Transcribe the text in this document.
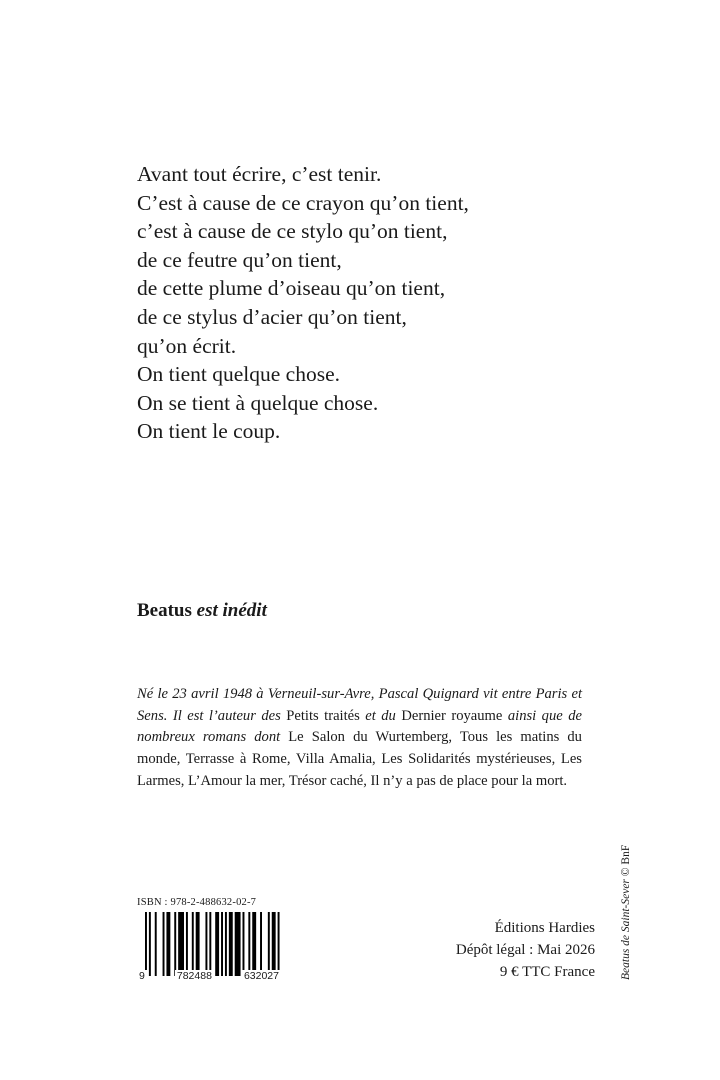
Avant tout écrire, c’est tenir.
C’est à cause de ce crayon qu’on tient,
c’est à cause de ce stylo qu’on tient,
de ce feutre qu’on tient,
de cette plume d’oiseau qu’on tient,
de ce stylus d’acier qu’on tient,
qu’on écrit.
On tient quelque chose.
On se tient à quelque chose.
On tient le coup.
Beatus est inédit
Né le 23 avril 1948 à Verneuil-sur-Avre, Pascal Quignard vit entre Paris et Sens. Il est l’auteur des Petits traités et du Dernier royaume ainsi que de nombreux romans dont Le Salon du Wurtemberg, Tous les matins du monde, Terrasse à Rome, Villa Amalia, Les Solidarités mystérieuses, Les Larmes, L’Amour la mer, Trésor caché, Il n’y a pas de place pour la mort.
Beatus de Saint-Sever © BnF
ISBN : 978-2-488632-02-7
9	782488	632027
Éditions Hardies
Dépôt légal : Mai 2026
9 € TTC France
